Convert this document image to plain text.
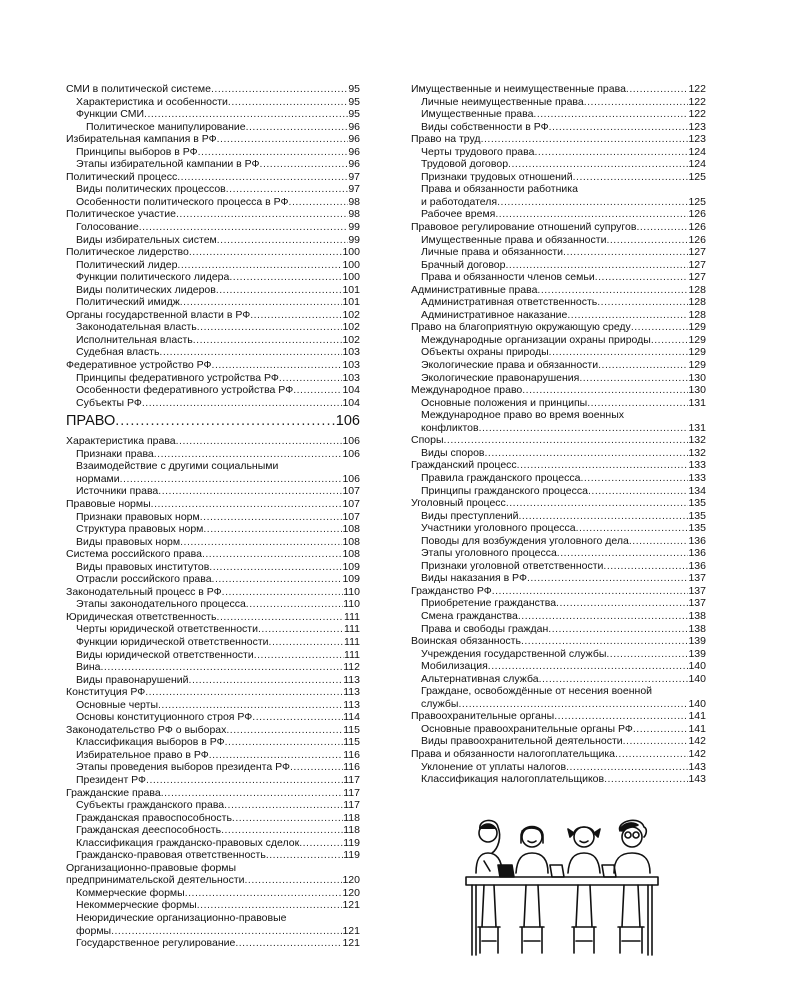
СМИ в политической системе .....	95
Характеристика и особенности .....	95
Функции СМИ .....	95
Политическое манипулирование .....	96
Избирательная кампания в РФ .....	96
Принципы выборов в РФ .....	96
Этапы избирательной кампании в РФ .....	96
Политический процесс .....	97
Виды политических процессов .....	97
Особенности политического процесса в РФ .....	98
Политическое участие .....	98
Голосование .....	99
Виды избирательных систем .....	99
Политическое лидерство .....	100
Политический лидер .....	100
Функции политического лидера .....	100
Виды политических лидеров .....	101
Политический имидж .....	101
Органы государственной власти в РФ .....	102
Законодательная власть .....	102
Исполнительная власть .....	102
Судебная власть .....	103
Федеративное устройство РФ .....	103
Принципы федеративного устройства РФ .....	103
Особенности федеративного устройства РФ .....	104
Субъекты РФ .....	104
ПРАВО .....	106
Характеристика права .....	106
Признаки права .....	106
Взаимодействие с другими социальными
нормами .....	106
Источники права .....	107
Правовые нормы .....	107
Признаки правовых норм .....	107
Структура правовых норм .....	108
Виды правовых норм .....	108
Система российского права .....	108
Виды правовых институтов .....	109
Отрасли российского права .....	109
Законодательный процесс в РФ .....	110
Этапы законодательного процесса .....	110
Юридическая ответственность .....	111
Черты юридической ответственности .....	111
Функции юридической ответственности .....	111
Виды юридической ответственности .....	111
Вина .....	112
Виды правонарушений .....	113
Конституция РФ .....	113
Основные черты .....	113
Основы конституционного строя РФ .....	114
Законодательство РФ о выборах .....	115
Классификация выборов в РФ .....	115
Избирательное право в РФ .....	116
Этапы проведения выборов президента РФ .....	116
Президент РФ .....	117
Гражданские права .....	117
Субъекты гражданского права .....	117
Гражданская правоспособность .....	118
Гражданская дееспособность .....	118
Классификация гражданско-правовых сделок .....	119
Гражданско-правовая ответственность .....	119
Организационно-правовые формы
предпринимательской деятельности .....	120
Коммерческие формы .....	120
Некоммерческие формы .....	121
Неюридические организационно-правовые
формы .....	121
Государственное регулирование .....	121
Имущественные и неимущественные права .....	122
Личные неимущественные права .....	122
Имущественные права .....	122
Виды собственности в РФ .....	123
Право на труд .....	123
Черты трудового права .....	124
Трудовой договор .....	124
Признаки трудовых отношений .....	125
Права и обязанности работника
и работодателя .....	125
Рабочее время .....	126
Правовое регулирование отношений супругов .....	126
Имущественные права и обязанности .....	126
Личные права и обязанности .....	127
Брачный договор .....	127
Права и обязанности членов семьи .....	127
Административные права .....	128
Административная ответственность .....	128
Административное наказание .....	128
Право на благоприятную окружающую среду .....	129
Международные организации охраны природы .....	129
Объекты охраны природы .....	129
Экологические права и обязанности .....	129
Экологические правонарушения .....	130
Международное право .....	130
Основные положения и принципы .....	131
Международное право во время военных
конфликтов .....	131
Споры .....	132
Виды споров .....	132
Гражданский процесс .....	133
Правила гражданского процесса .....	133
Принципы гражданского процесса .....	134
Уголовный процесс .....	135
Виды преступлений .....	135
Участники уголовного процесса .....	135
Поводы для возбуждения уголовного дела .....	136
Этапы уголовного процесса .....	136
Признаки уголовной ответственности .....	136
Виды наказания в РФ .....	137
Гражданство РФ .....	137
Приобретение гражданства .....	137
Смена гражданства .....	138
Права и свободы граждан .....	138
Воинская обязанность .....	139
Учреждения государственной службы .....	139
Мобилизация .....	140
Альтернативная служба .....	140
Граждане, освобождённые от несения военной
службы .....	140
Правоохранительные органы .....	141
Основные правоохранительные органы РФ .....	141
Виды правоохранительной деятельности .....	142
Права и обязанности налогоплательщика .....	142
Уклонение от уплаты налогов .....	143
Классификация налогоплательщиков .....	143
